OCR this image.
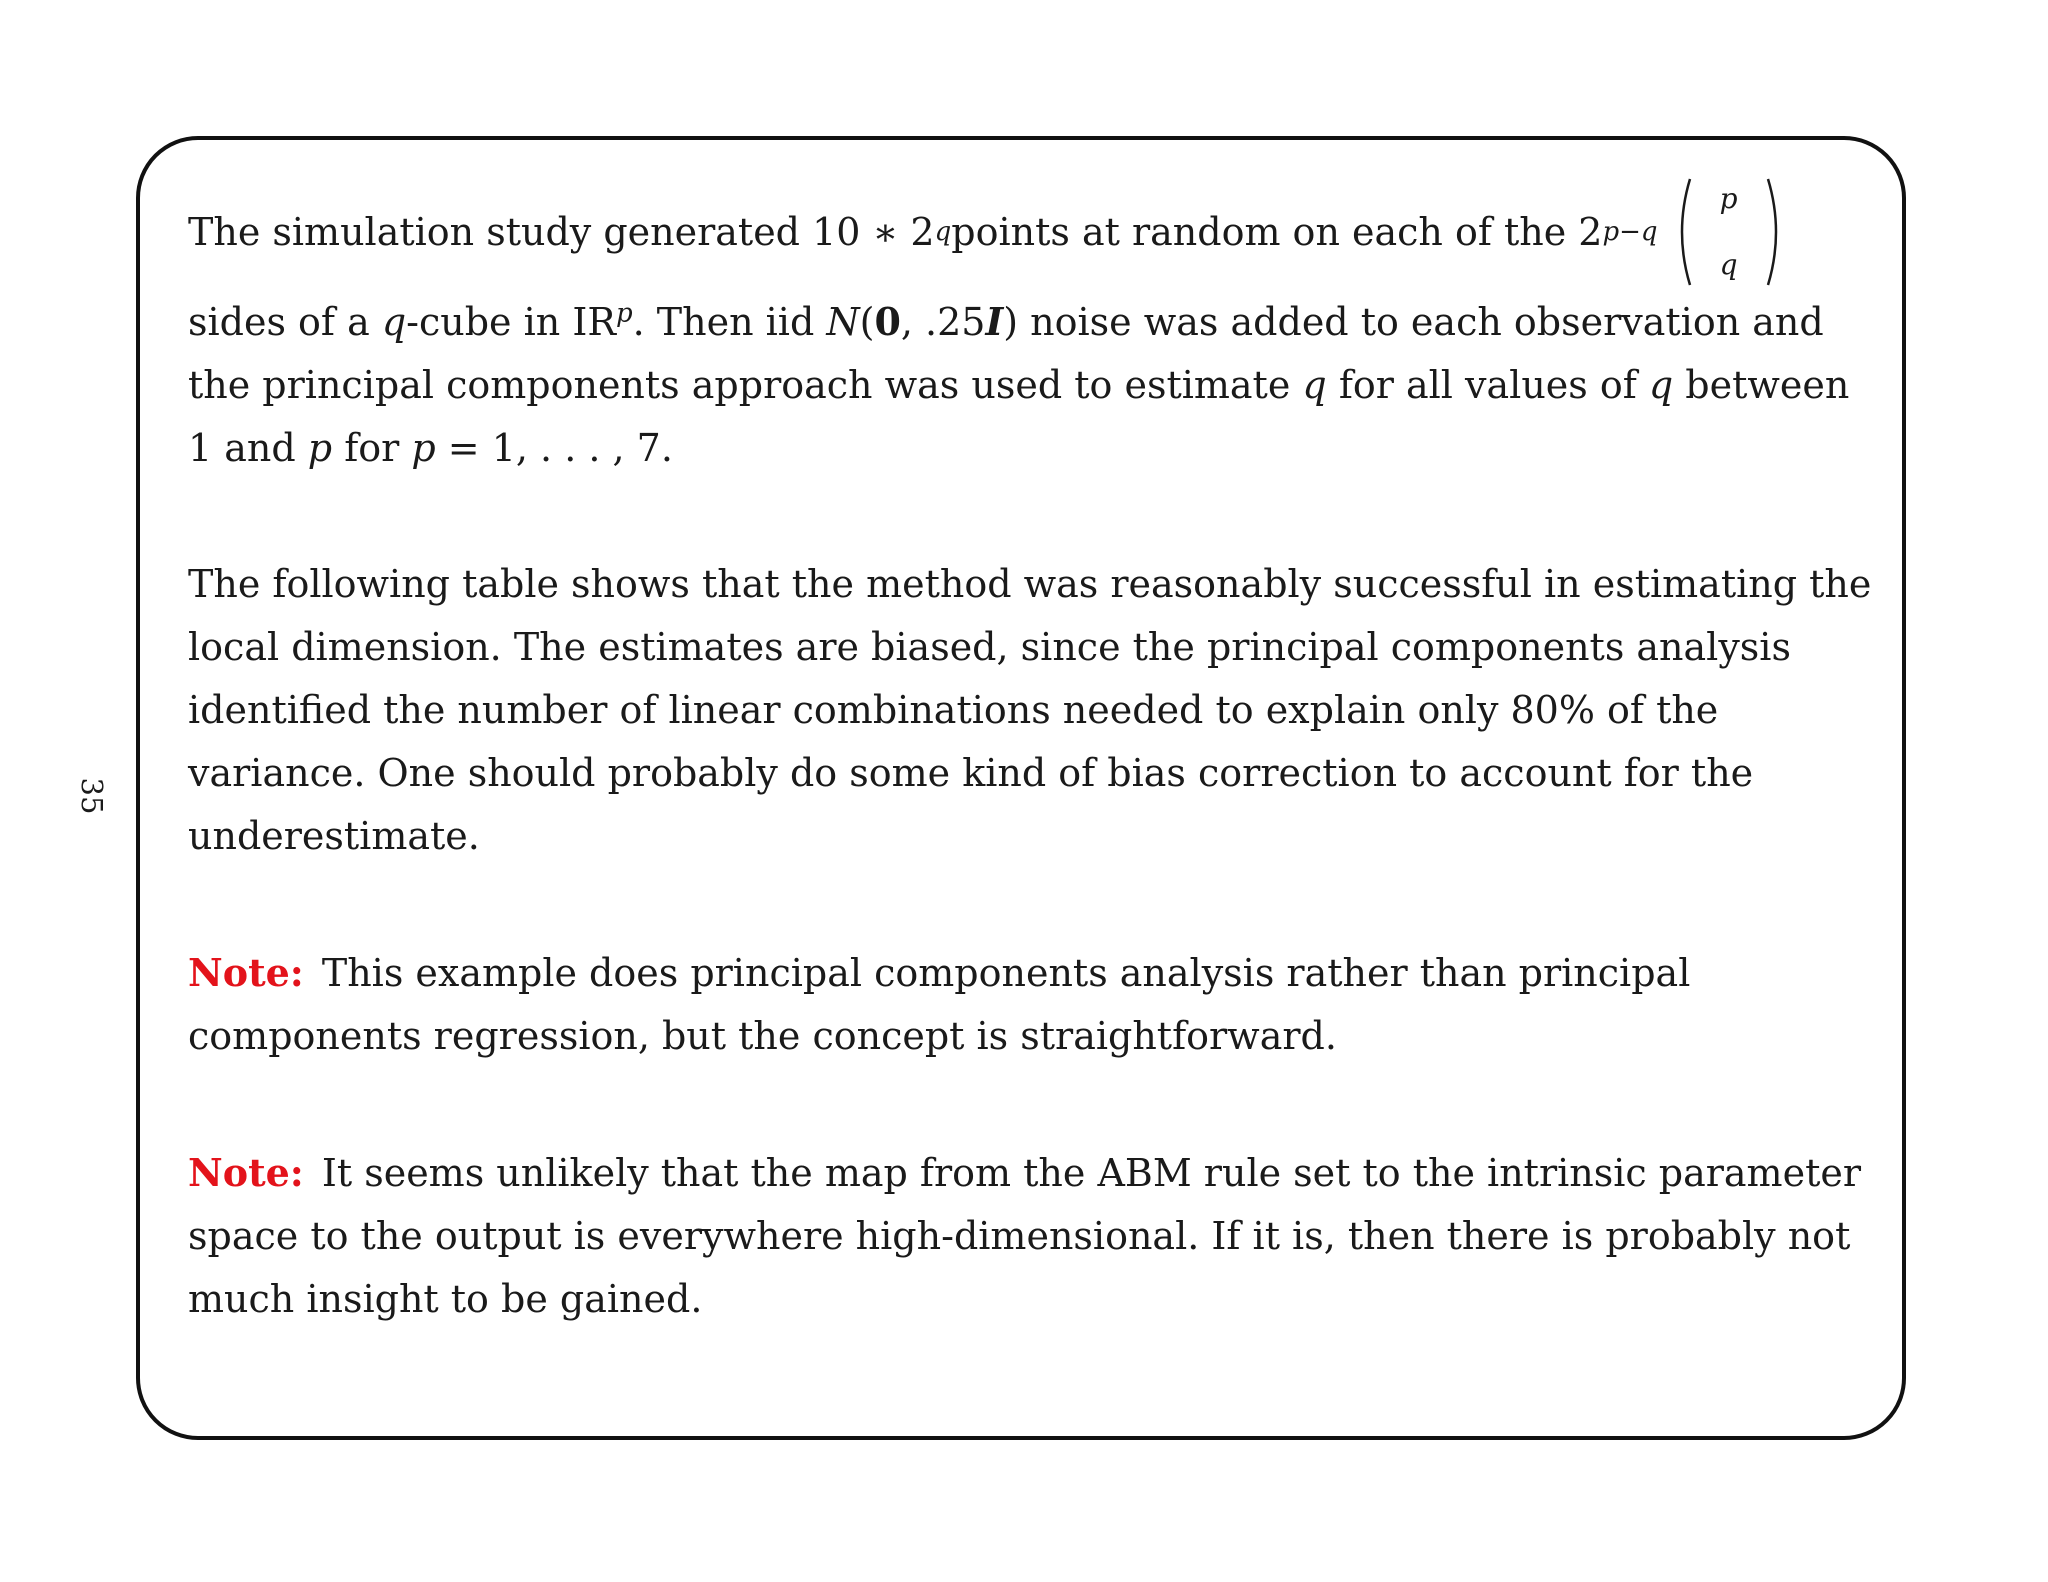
35
The simulation study generated 10 ∗ 2 q points at random on each of the 2 p−q
p
q
sides of a q-cube in $IR^p$. Then iid N(0, .25I) noise was added to each observation and the principal components approach was used to estimate q for all values of q between 1 and p for p = 1, . . . , 7.

The following table shows that the method was reasonably successful in estimating the local dimension. The estimates are biased, since the principal components analysis identified the number of linear combinations needed to explain only 80% of the variance. One should probably do some kind of bias correction to account for the underestimate.

Note: This example does principal components analysis rather than principal components regression, but the concept is straightforward.

Note: It seems unlikely that the map from the ABM rule set to the intrinsic parameter space to the output is everywhere high-dimensional. If it is, then there is probably not much insight to be gained.
